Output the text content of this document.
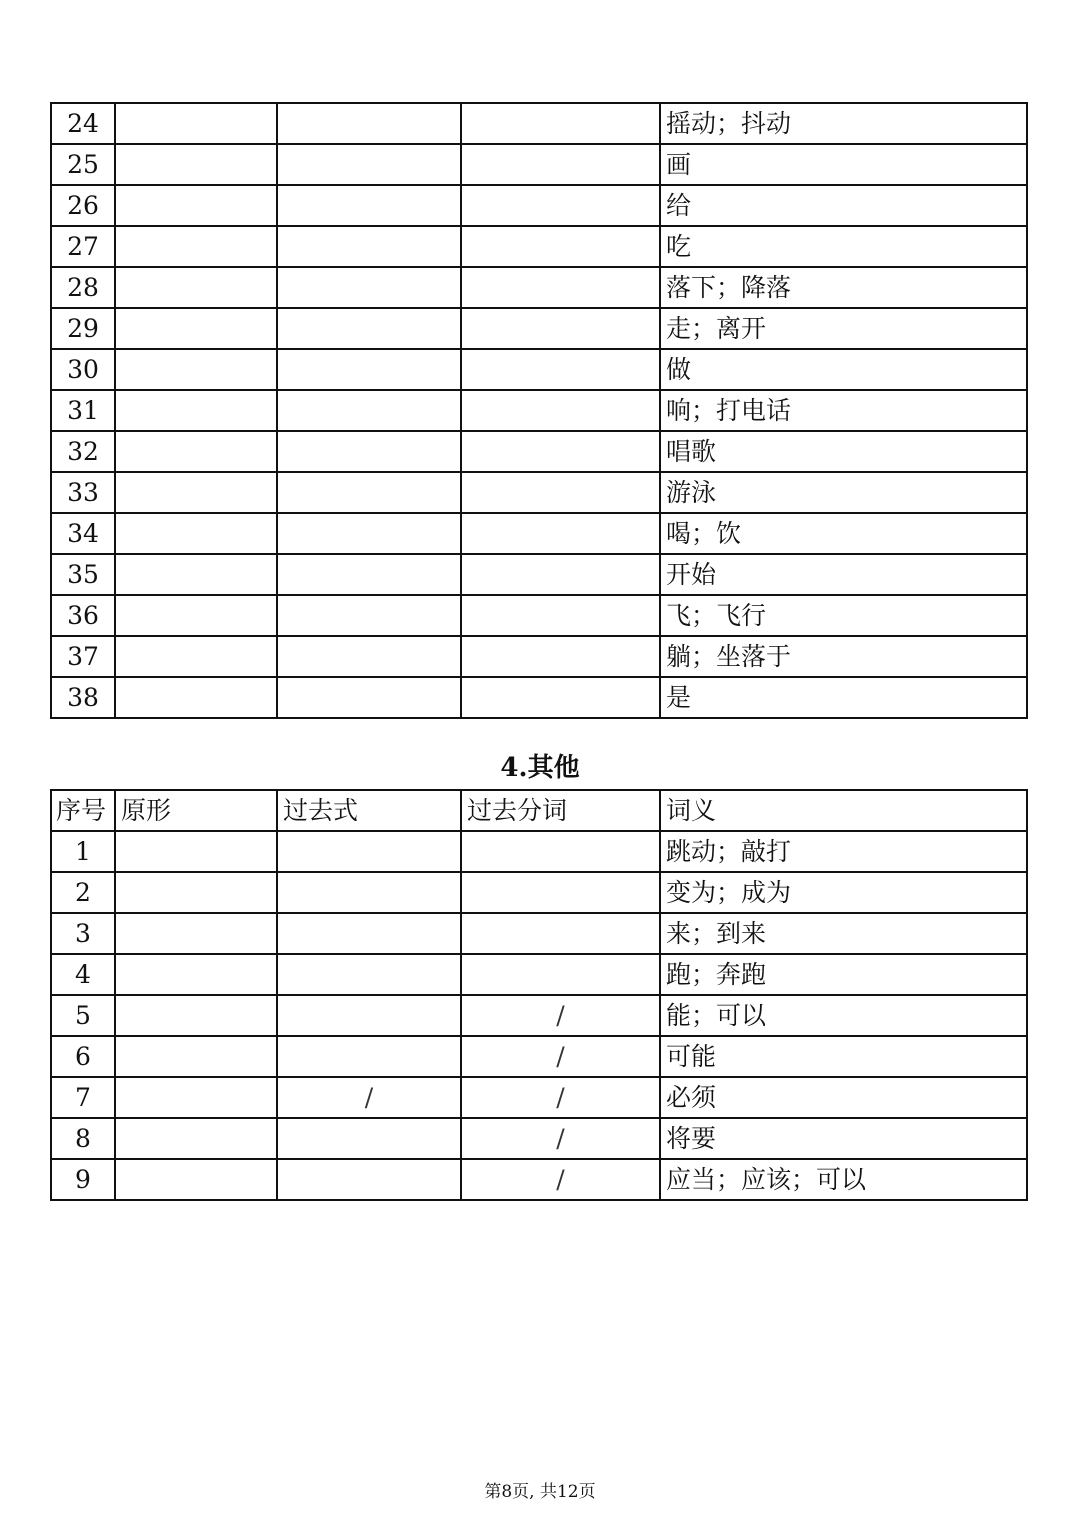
24				摇动；抖动
25				画
26				给
27				吃
28				落下；降落
29				走；离开
30				做
31				响；打电话
32				唱歌
33				游泳
34				喝；饮
35				开始
36				飞；飞行
37				躺；坐落于
38				是
4.其他
序号	原形	过去式	过去分词	词义
1				跳动；敲打
2				变为；成为
3				来；到来
4				跑；奔跑
5			/	能；可以
6			/	可能
7		/	/	必须
8			/	将要
9			/	应当；应该；可以
第8页, 共12页
